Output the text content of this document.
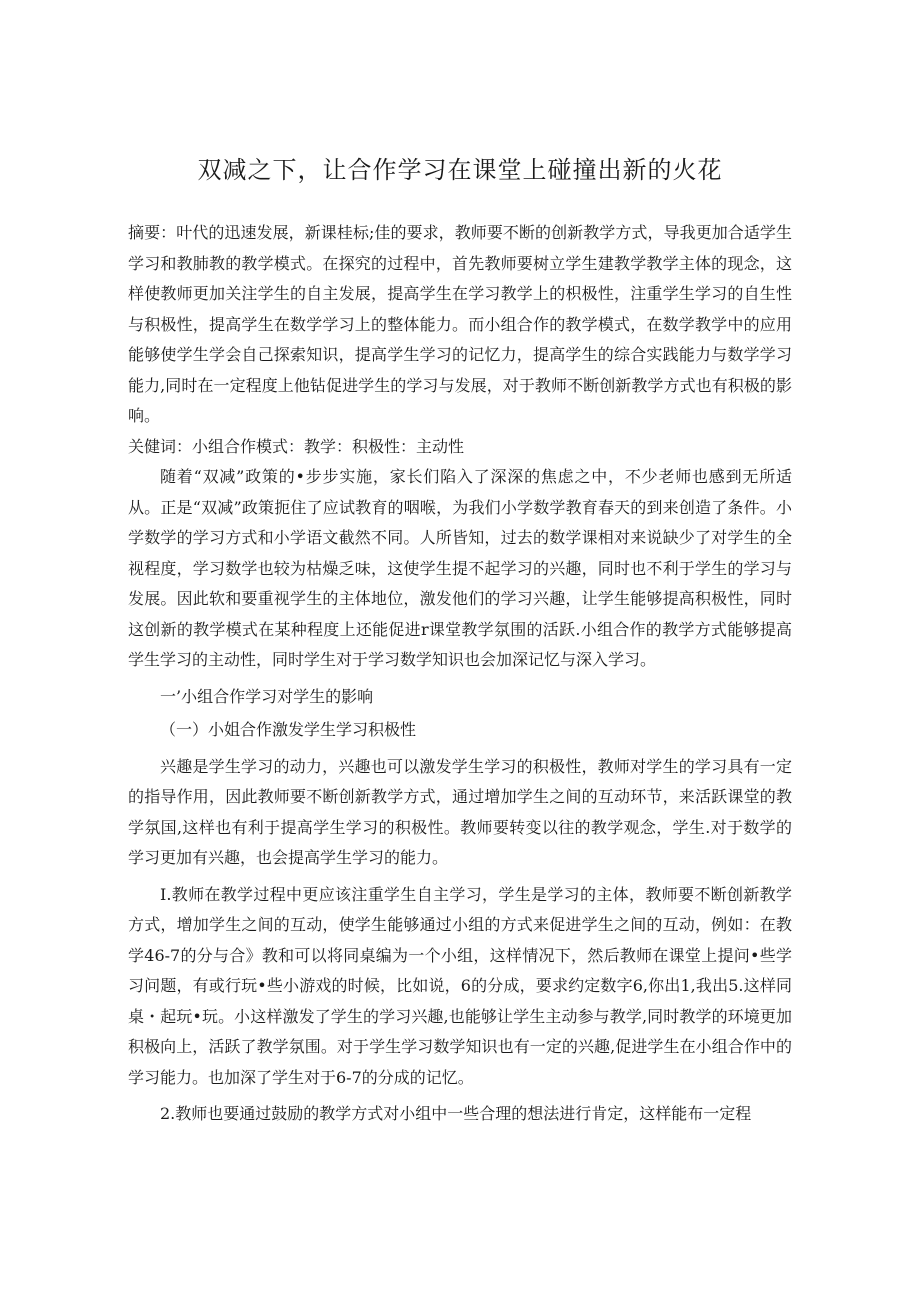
双减之下，让合作学习在课堂上碰撞出新的火花

摘要：叶代的迅速发展，新课桂标;佳的要求，教师要不断的创新教学方式，导我更加合适学生学习和教肺教的教学模式。在探究的过程中，首先教师要树立学生建教学教学主体的现念，这样使教师更加关注学生的自主发展，提高学生在学习教学上的枳极性，注重学生学习的自生性与积极性，提高学生在数学学习上的整体能力。而小组合作的教学模式，在数学教学中的应用能够使学生学会自己探索知识，提高学生学习的记忆力，提高学生的综合实践能力与数学学习能力,同时在一定程度上他钻促进学生的学习与发展，对于教师不断创新教学方式也有积极的影响。

关健词：小组合作模式：教学：积极性：主动性

随着“双减”政策的•步步实施，家长们陷入了深深的焦虑之中，不少老师也感到无所适从。正是“双减”政策扼住了应试教育的咽喉，为我们小学数学教育春天的到来创造了条件。小学数学的学习方式和小学语文截然不同。人所皆知，过去的数学课相对来说缺少了对学生的全视程度，学习数学也较为枯燥乏味，这使学生提不起学习的兴趣，同时也不利于学生的学习与发展。因此软和要重视学生的主体地位，激发他们的学习兴趣，让学生能够提高积极性，同时这创新的教学模式在某种程度上还能促进r课堂教学氛围的活跃.小组合作的教学方式能够提高学生学习的主动性，同时学生对于学习数学知识也会加深记忆与深入学习。

一’小组合作学习对学生的影响

（一）小姐合作激发学生学习积极性

兴趣是学生学习的动力，兴趣也可以激发学生学习的积极性，教师对学生的学习具有一定的指导作用，因此教师要不断创新教学方式，通过增加学生之间的互动环节，来活跃课堂的教学氛国,这样也有利于提高学生学习的积极性。教师要转变以往的教学观念，学生.对于数学的学习更加有兴趣，也会提高学生学习的能力。

I.教师在教学过程中更应该注重学生自主学习，学生是学习的主体，教师要不断创新教学方式，增加学生之间的互动，使学生能够通过小组的方式来促进学生之间的互动，例如：在教学46-7的分与合》教和可以将同桌编为一个小组，这样情况下，然后教师在课堂上提问•些学习问题，有或行玩•些小游戏的时候，比如说，6的分成，要求约定数字6,你出1,我出5.这样同桌・起玩•玩。小这样激发了学生的学习兴趣,也能够让学生主动参与教学,同时教学的环境更加积极向上，活跃了教学氛围。对于学生学习数学知识也有一定的兴趣,促进学生在小组合作中的学习能力。也加深了学生对于6-7的分成的记忆。

2.教师也要通过鼓励的教学方式对小组中一些合理的想法进行肯定，这样能布一定程
